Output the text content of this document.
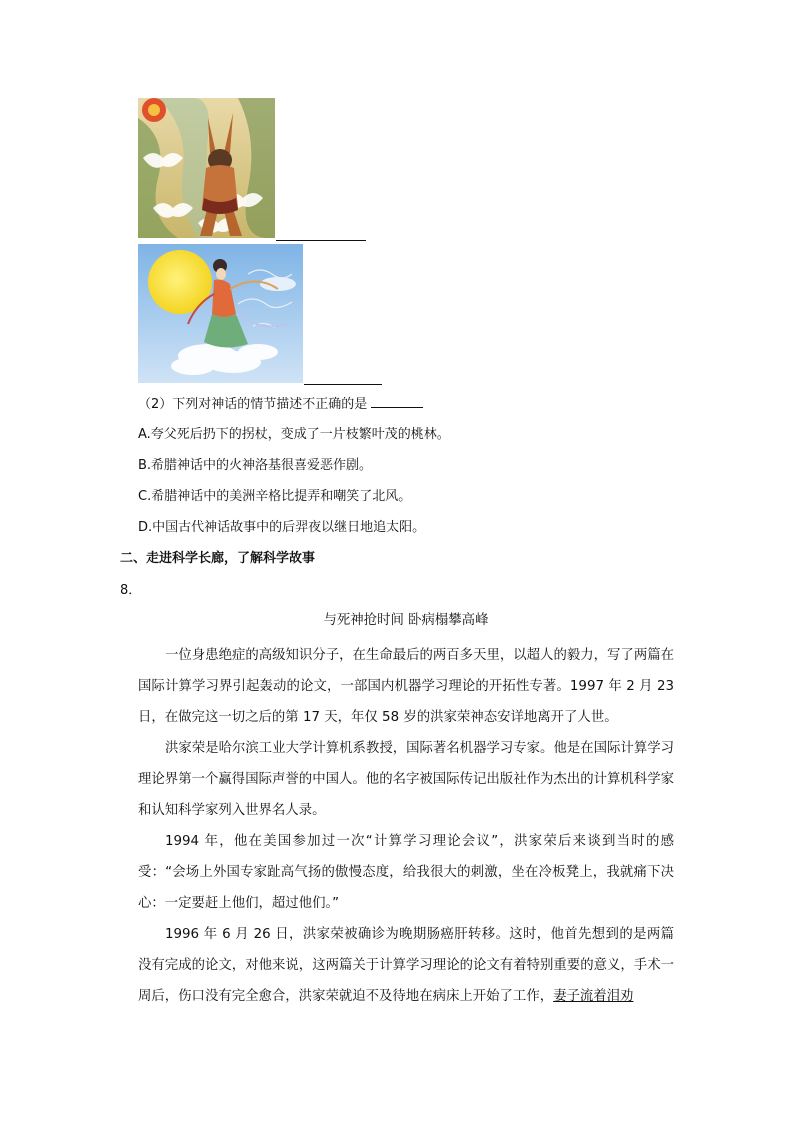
（2）下列对神话的情节描述不正确的是
A.夸父死后扔下的拐杖，变成了一片枝繁叶茂的桃林。
B.希腊神话中的火神洛基很喜爱恶作剧。
C.希腊神话中的美洲辛格比提弄和嘲笑了北风。
D.中国古代神话故事中的后羿夜以继日地追太阳。
二、走进科学长廊，了解科学故事
8．
与死神抢时间 卧病榻攀高峰

一位身患绝症的高级知识分子，在生命最后的两百多天里，以超人的毅力，写了两篇在国际计算学习界引起轰动的论文，一部国内机器学习理论的开拓性专著。1997 年 2 月 23 日，在做完这一切之后的第 17 天，年仅 58 岁的洪家荣神态安详地离开了人世。

洪家荣是哈尔滨工业大学计算机系教授，国际著名机器学习专家。他是在国际计算学习理论界第一个赢得国际声誉的中国人。他的名字被国际传记出版社作为杰出的计算机科学家和认知科学家列入世界名人录。

1994 年，他在美国参加过一次“计算学习理论会议”，洪家荣后来谈到当时的感受：“会场上外国专家趾高气扬的傲慢态度，给我很大的刺激，坐在冷板凳上，我就痛下决心：一定要赶上他们，超过他们。”

1996 年 6 月 26 日，洪家荣被确诊为晚期肠癌肝转移。这时，他首先想到的是两篇没有完成的论文，对他来说，这两篇关于计算学习理论的论文有着特别重要的意义，手术一周后，伤口没有完全愈合，洪家荣就迫不及待地在病床上开始了工作，妻子流着泪劝
